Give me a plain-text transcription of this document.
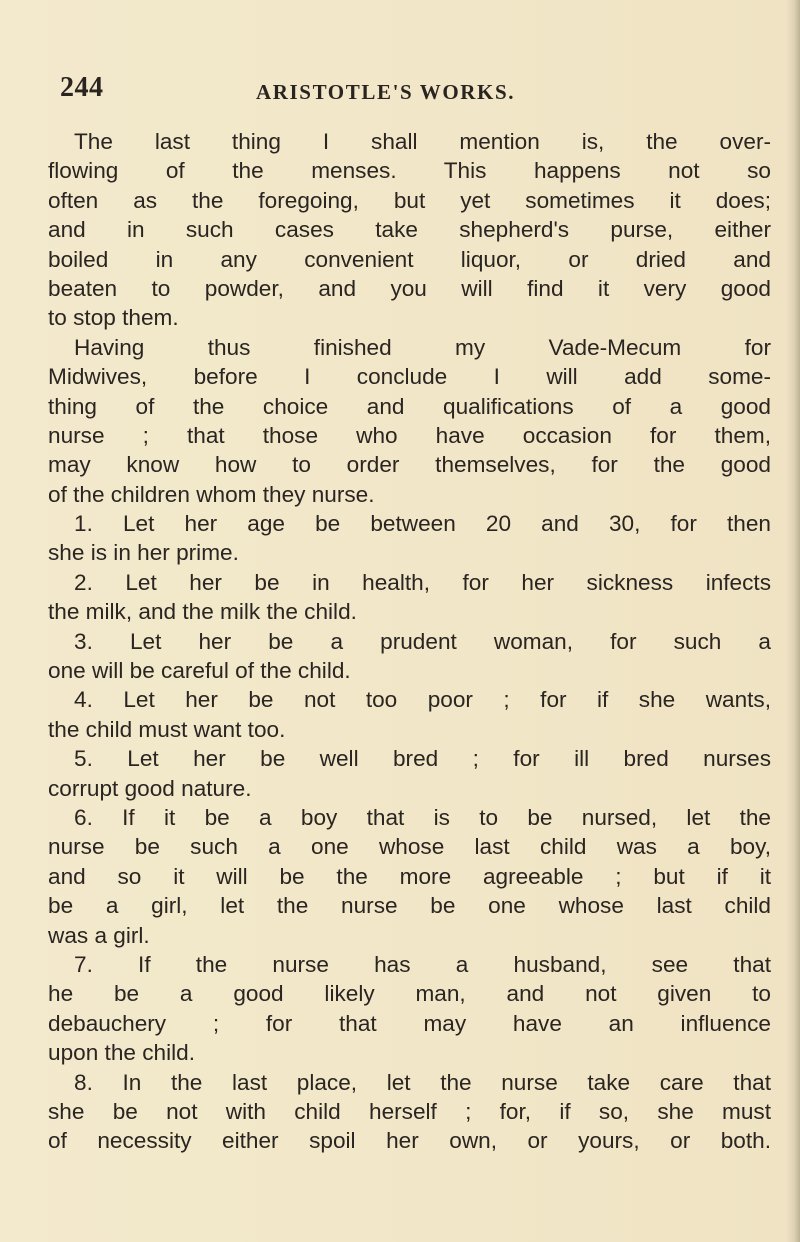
244	ARISTOTLE'S WORKS.
The last thing I shall mention is, the over-
flowing of the menses. This happens not so
often as the foregoing, but yet sometimes it does;
and in such cases take shepherd's purse, either
boiled in any convenient liquor, or dried and
beaten to powder, and you will find it very good
to stop them.
Having thus finished my Vade-Mecum for
Midwives, before I conclude I will add some-
thing of the choice and qualifications of a good
nurse ; that those who have occasion for them,
may know how to order themselves, for the good
of the children whom they nurse.
1. Let her age be between 20 and 30, for then
she is in her prime.
2. Let her be in health, for her sickness infects
the milk, and the milk the child.
3. Let her be a prudent woman, for such a
one will be careful of the child.
4. Let her be not too poor ; for if she wants,
the child must want too.
5. Let her be well bred ; for ill bred nurses
corrupt good nature.
6. If it be a boy that is to be nursed, let the
nurse be such a one whose last child was a boy,
and so it will be the more agreeable ; but if it
be a girl, let the nurse be one whose last child
was a girl.
7. If the nurse has a husband, see that
he be a good likely man, and not given to
debauchery ; for that may have an influence
upon the child.
8. In the last place, let the nurse take care that
she be not with child herself ; for, if so, she must
of necessity either spoil her own, or yours, or both.
